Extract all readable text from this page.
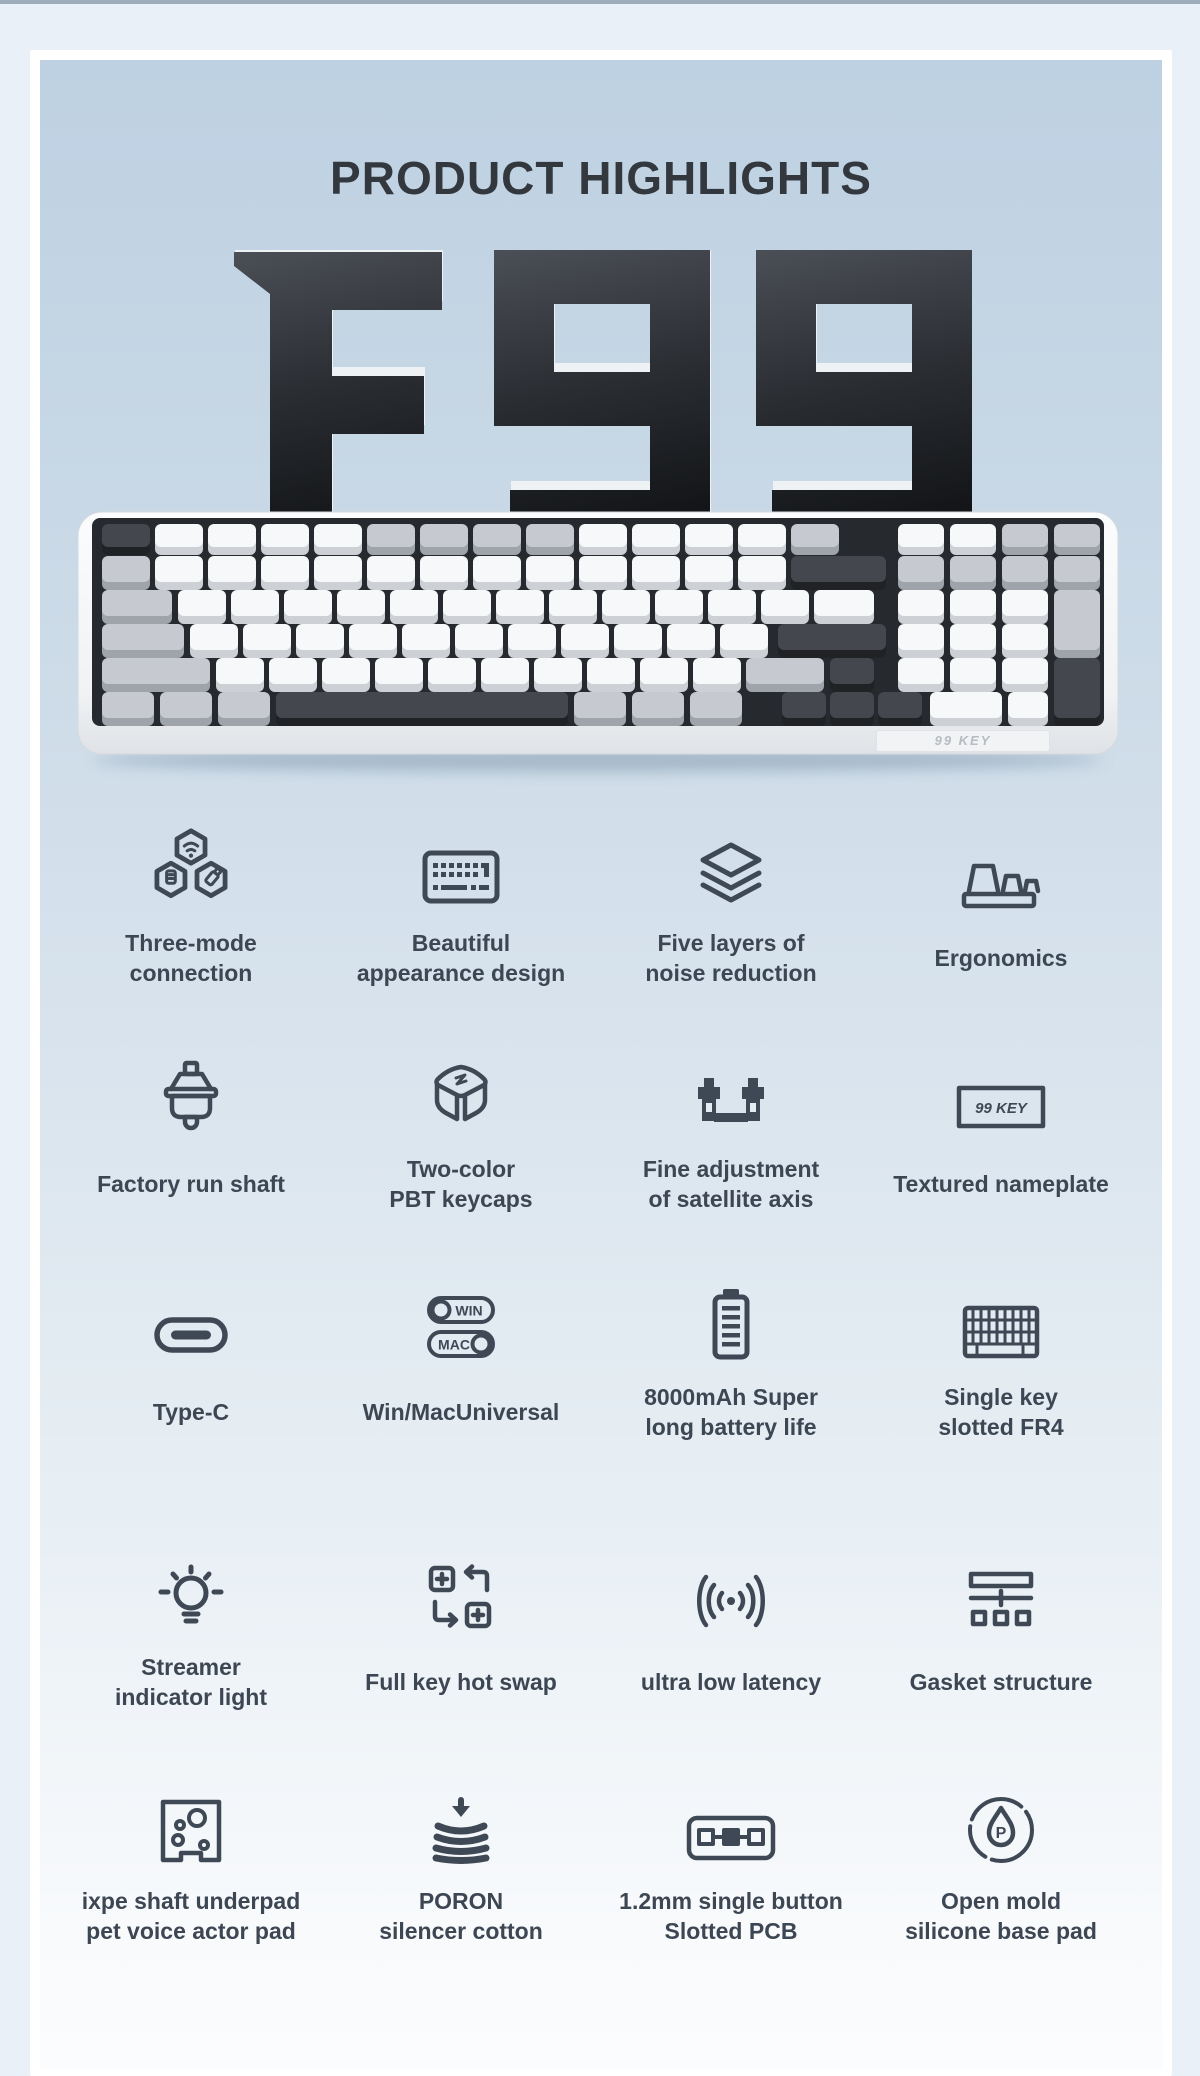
PRODUCT HIGHLIGHTS
99 KEY
Three-mode
connection
Beautiful
appearance design
Five layers of
noise reduction
Ergonomics
Factory run shaft
Two-color
PBT keycaps
Fine adjustment
of satellite axis
99 KEY
Textured nameplate
Type-C
WIN
MAC
Win/MacUniversal
8000mAh Super
long battery life
Single key
slotted FR4
Streamer
indicator light
Full key hot swap	ultra low latency	Gasket structure
ixpe shaft underpad
pet voice actor pad
PORON
silencer cotton
1.2mm single button
Slotted PCB
P
Open mold
silicone base pad
